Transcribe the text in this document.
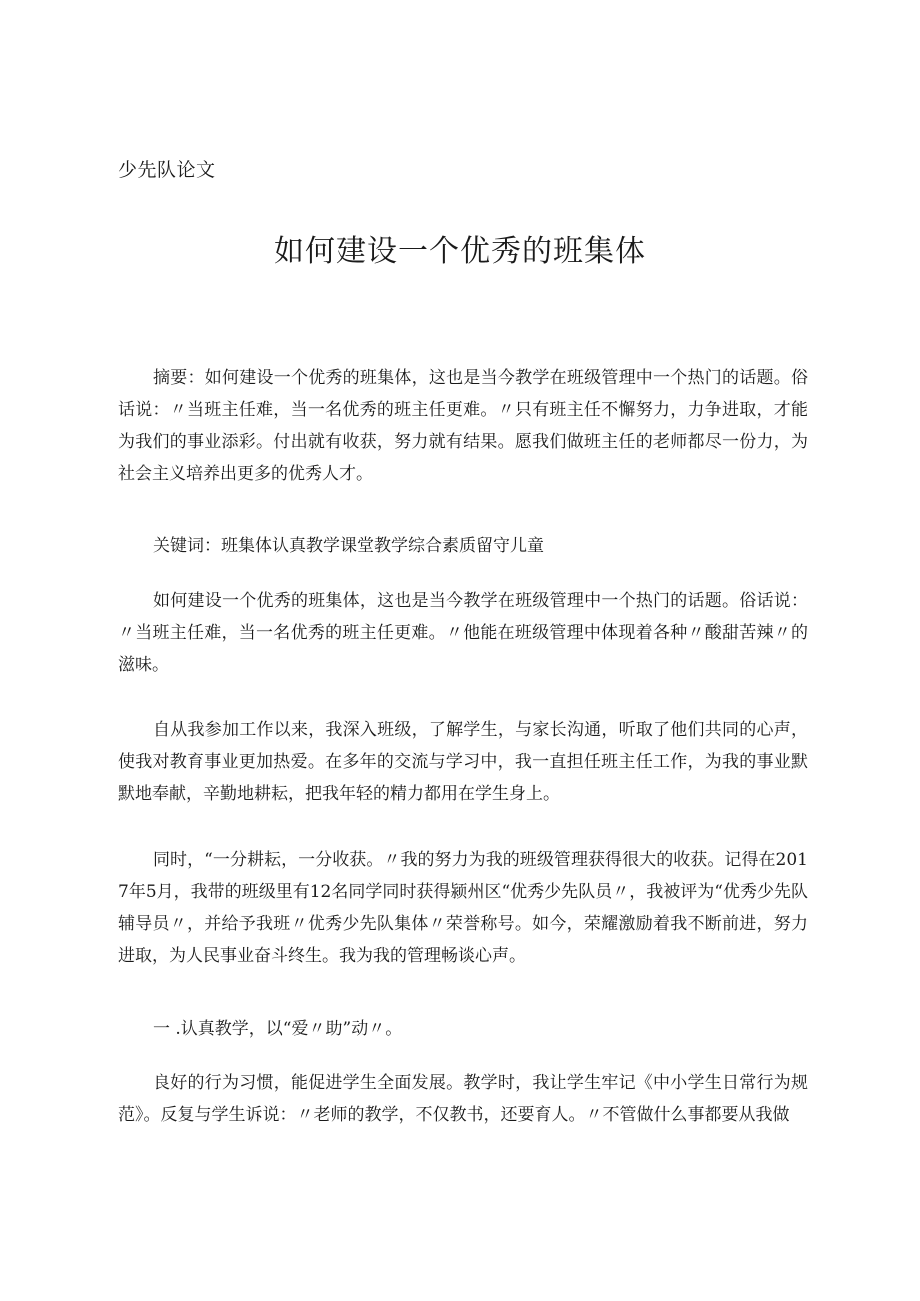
少先队论文
如何建设一个优秀的班集体
摘要：如何建设一个优秀的班集体，这也是当今教学在班级管理中一个热门的话题。俗话说：〃当班主任难，当一名优秀的班主任更难。〃只有班主任不懈努力，力争进取，才能为我们的事业添彩。付出就有收获，努力就有结果。愿我们做班主任的老师都尽一份力，为社会主义培养出更多的优秀人才。
关键词：班集体认真教学课堂教学综合素质留守儿童
如何建设一个优秀的班集体，这也是当今教学在班级管理中一个热门的话题。俗话说：〃当班主任难，当一名优秀的班主任更难。〃他能在班级管理中体现着各种〃酸甜苦辣〃的滋味。
自从我参加工作以来，我深入班级，了解学生，与家长沟通，听取了他们共同的心声，使我对教育事业更加热爱。在多年的交流与学习中，我一直担任班主任工作，为我的事业默默地奉献，辛勤地耕耘，把我年轻的精力都用在学生身上。
同时，“一分耕耘，一分收获。〃我的努力为我的班级管理获得很大的收获。记得在2017年5月，我带的班级里有12名同学同时获得颍州区“优秀少先队员〃，我被评为“优秀少先队辅导员〃，并给予我班〃优秀少先队集体〃荣誉称号。如今，荣耀激励着我不断前进，努力进取，为人民事业奋斗终生。我为我的管理畅谈心声。
一 .认真教学，以“爱〃助”动〃。
良好的行为习惯，能促进学生全面发展。教学时，我让学生牢记《中小学生日常行为规范》。反复与学生诉说：〃老师的教学，不仅教书，还要育人。〃不管做什么事都要从我做
